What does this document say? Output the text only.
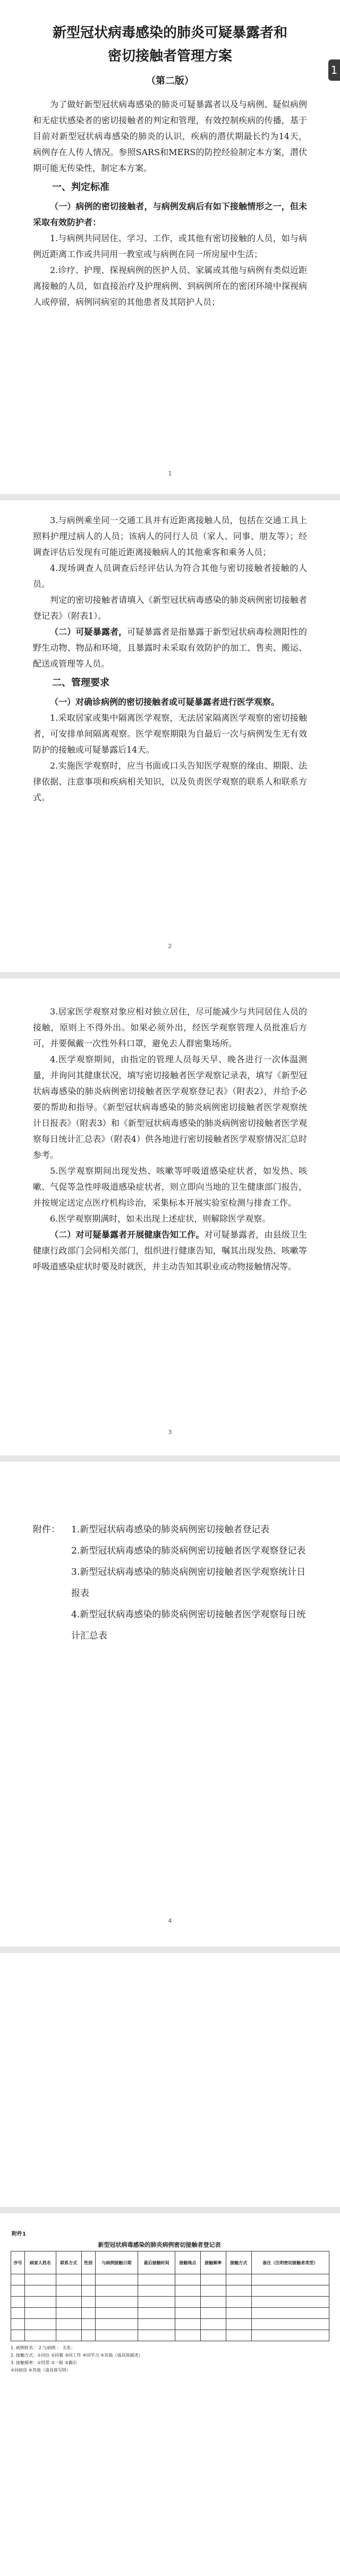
新型冠状病毒感染的肺炎可疑暴露者和
密切接触者管理方案
（第二版）

为了做好新型冠状病毒感染的肺炎可疑暴露者以及与病例、疑似病例和无症状感染者的密切接触者的判定和管理，有效控制疾病的传播，基于目前对新型冠状病毒感染的肺炎的认识，疾病的潜伏期最长约为14天，病例存在人传人情况。参照SARS和MERS的防控经验制定本方案，潜伏期可能无传染性，制定本方案。

一、判定标准

（一）病例的密切接触者，与病例发病后有如下接触情形之一，但未采取有效防护者：

1.与病例共同居住、学习、工作，或其他有密切接触的人员，如与病例近距离工作或共同用一教室或与病例在同一所房屋中生活；

2.诊疗、护理、探视病例的医护人员、家属或其他与病例有类似近距离接触的人员，如直接治疗及护理病例、到病例所在的密闭环境中探视病人或停留，病例同病室的其他患者及其陪护人员；

1
1

3.与病例乘坐同一交通工具并有近距离接触人员，包括在交通工具上照料护理过病人的人员；该病人的同行人员（家人、同事、朋友等）；经调查评估后发现有可能近距离接触病人的其他乘客和乘务人员；

4.现场调查人员调查后经评估认为符合其他与密切接触者接触的人员。

判定的密切接触者请填入《新型冠状病毒感染的肺炎病例密切接触者登记表》（附表1）。

（二）可疑暴露者，可疑暴露者是指暴露于新型冠状病毒检测阳性的野生动物、物品和环境，且暴露时未采取有效防护的加工、售卖、搬运、配送或管理等人员。

二、管理要求

（一）对确诊病例的密切接触者或可疑暴露者进行医学观察。

1.采取居家或集中隔离医学观察，无法居家隔离医学观察的密切接触者，可安排单间隔离观察。医学观察期限为自最后一次与病例发生无有效防护的接触或可疑暴露后14天。

2.实施医学观察时，应当书面或口头告知医学观察的缘由、期限、法律依据、注意事项和疾病相关知识，以及负责医学观察的联系人和联系方式。

2

3.居家医学观察对象应相对独立居住，尽可能减少与共同居住人员的接触，原则上不得外出。如果必须外出，经医学观察管理人员批准后方可，并要佩戴一次性外科口罩，避免去人群密集场所。

4.医学观察期间，由指定的管理人员每天早、晚各进行一次体温测量，并询问其健康状况，填写密切接触者医学观察记录表，填写《新型冠状病毒感染的肺炎病例密切接触者医学观察登记表》（附表2），并给予必要的帮助和指导。《新型冠状病毒感染的肺炎病例密切接触者医学观察统计日报表》（附表3）和《新型冠状病毒感染的肺炎病例密切接触者医学观察每日统计汇总表》（附表4）供各地进行密切接触者医学观察情况汇总时参考。

5.医学观察期间出现发热、咳嗽等呼吸道感染症状者，如发热、咳嗽、气促等急性呼吸道感染症状者，则立即向当地的卫生健康部门报告，并按规定送定点医疗机构诊治，采集标本开展实验室检测与排查工作。

6.医学观察期满时，如未出现上述症状，则解除医学观察。

（二）对可疑暴露者开展健康告知工作。对可疑暴露者，由县级卫生健康行政部门会同相关部门，组织进行健康告知，嘱其出现发热、咳嗽等呼吸道感染症状时要及时就医，并主动告知其职业或动物接触情况等。

3
附件：	1.新型冠状病毒感染的肺炎病例密切接触者登记表
2.新型冠状病毒感染的肺炎病例密切接触者医学观察登记表
3.新型冠状病毒感染的肺炎病例密切接触者医学观察统计日报表
4.新型冠状病毒感染的肺炎病例密切接触者医学观察每日统计汇总表
4
附件1
新型冠状病毒感染的肺炎病例密切接触者登记表
序号	病家人姓名	联系方式	性别	与病例接触日期	最后接触时间	接触地点	接触频率	接触方式	备注（注明密切接触者类型）

1. 病例姓名： 2.与病例 ： 关系：
2. 接触方式：①同住 ②同餐 ③同工作 ④同学习 ⑤其他（请具体描述）
3. 接触频率：①经常 ②一般 ③偶尔
⑤同病房 ⑥其他（请具体写明）
